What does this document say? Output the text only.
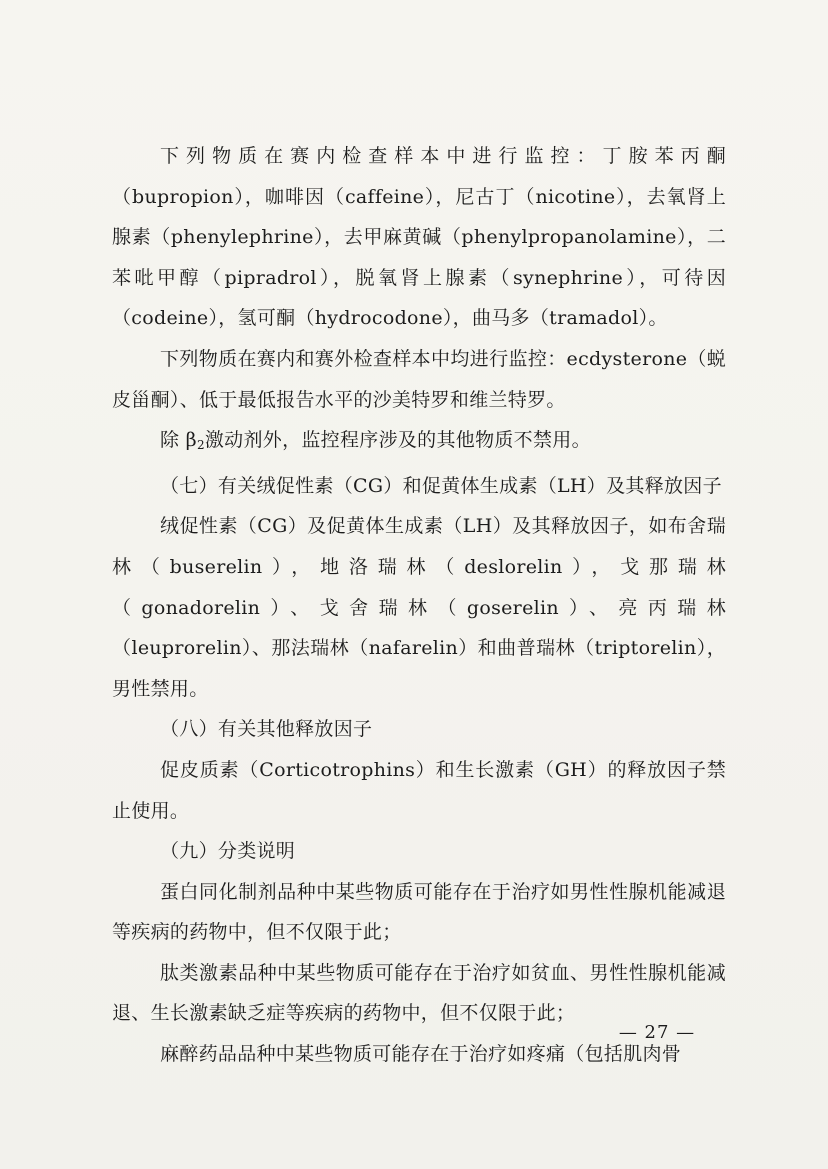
下列物质在赛内检查样本中进行监控：丁胺苯丙酮（bupropion），咖啡因（caffeine），尼古丁（nicotine），去氧肾上腺素（phenylephrine），去甲麻黄碱（phenylpropanolamine），二苯吡甲醇（pipradrol），脱氧肾上腺素（synephrine），可待因（codeine），氢可酮（hydrocodone），曲马多（tramadol）。

下列物质在赛内和赛外检查样本中均进行监控：ecdysterone（蜕皮甾酮）、低于最低报告水平的沙美特罗和维兰特罗。

除 β2激动剂外，监控程序涉及的其他物质不禁用。

（七）有关绒促性素（CG）和促黄体生成素（LH）及其释放因子

绒促性素（CG）及促黄体生成素（LH）及其释放因子，如布舍瑞林（buserelin），地洛瑞林（deslorelin），戈那瑞林（gonadorelin）、戈舍瑞林（goserelin）、亮丙瑞林（leuprorelin）、那法瑞林（nafarelin）和曲普瑞林（triptorelin），男性禁用。

（八）有关其他释放因子

促皮质素（Corticotrophins）和生长激素（GH）的释放因子禁止使用。

（九）分类说明

蛋白同化制剂品种中某些物质可能存在于治疗如男性性腺机能减退等疾病的药物中，但不仅限于此；

肽类激素品种中某些物质可能存在于治疗如贫血、男性性腺机能减退、生长激素缺乏症等疾病的药物中，但不仅限于此；

麻醉药品品种中某些物质可能存在于治疗如疼痛（包括肌肉骨

— 27 —
